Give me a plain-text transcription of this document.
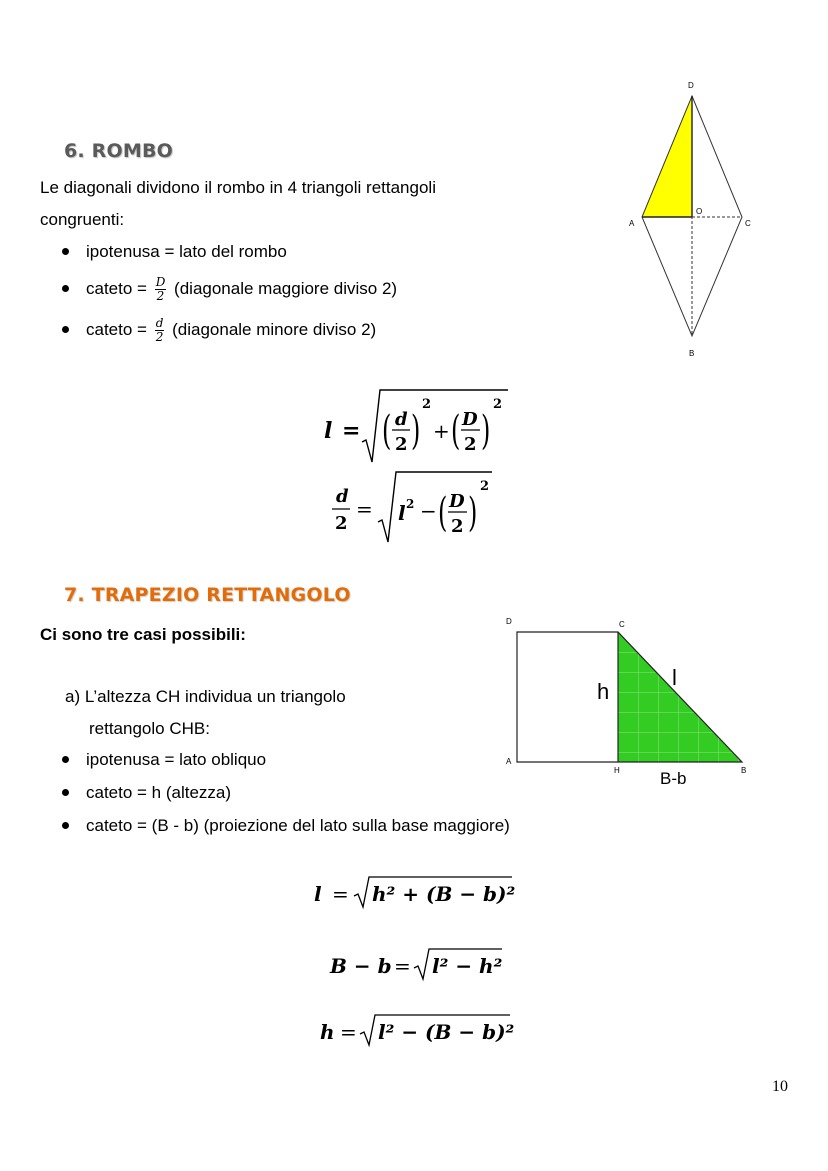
6. ROMBO
Le diagonali dividono il rombo in 4 triangoli rettangoli
congruenti:
ipotenusa = lato del rombo
cateto = $\frac{D}{2}$ (diagonale maggiore diviso 2)
cateto = $\frac{d}{2}$ (diagonale minore diviso 2)
D
A
O
C
B
l = ( d
2 )
2
+ ( D
2 )
2
d
2
= l 2 − ( D
2 )
2
7. TRAPEZIO RETTANGOLO
Ci sono tre casi possibili:
a) L’altezza CH individua un triangolo
rettangolo CHB:
ipotenusa = lato obliquo
cateto = h (altezza)
cateto = (B - b) (proiezione del lato sulla base maggiore)
D	C
A
H	B
h
l
B-b
l = h² + (B − b)²
B − b = l² − h²
h = l² − (B − b)²
10
